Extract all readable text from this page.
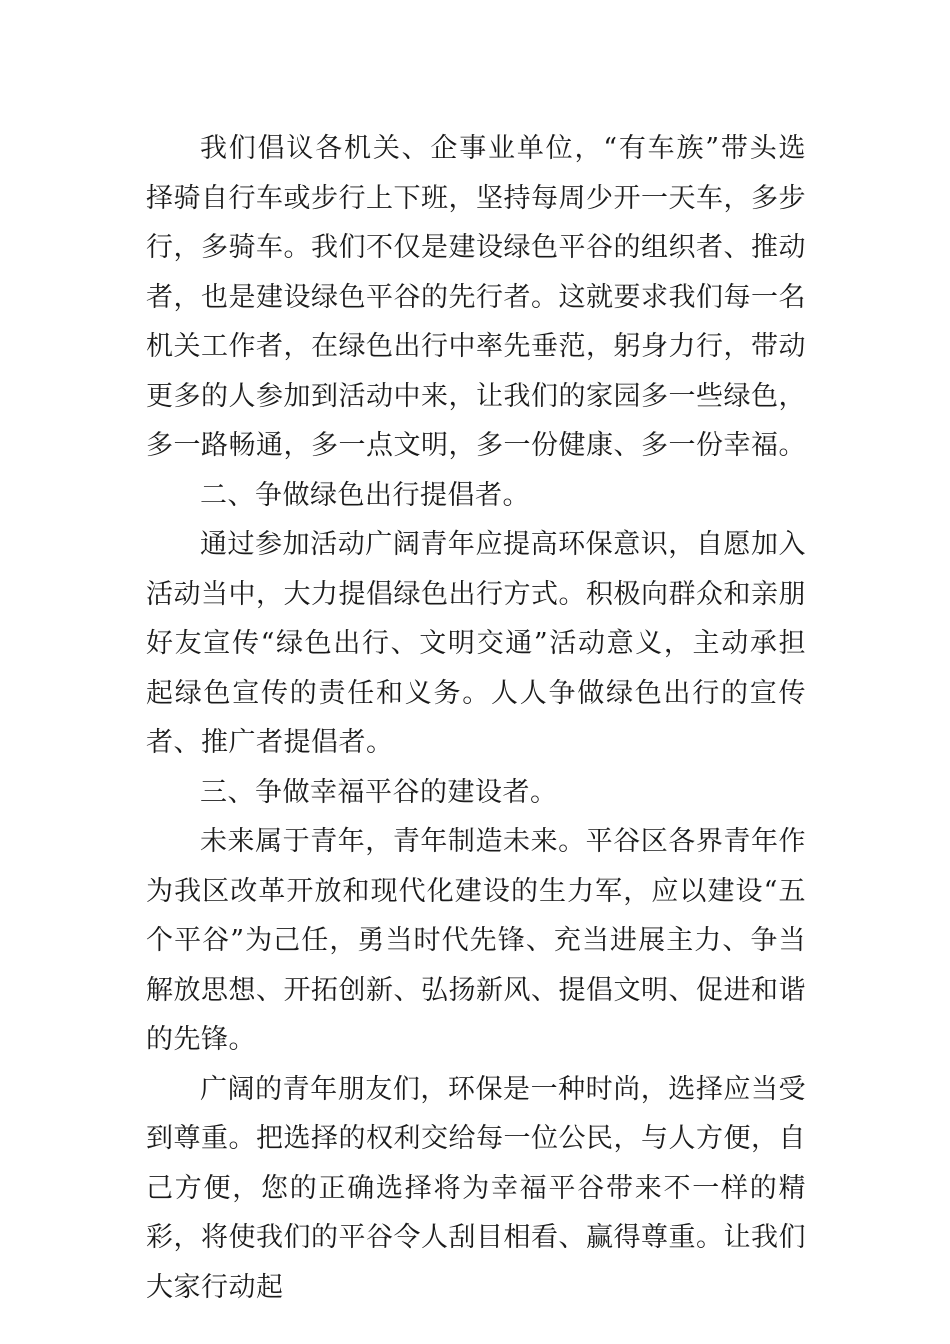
我们倡议各机关、企事业单位，“有车族”带头选择骑自行车或步行上下班，坚持每周少开一天车，多步行，多骑车。我们不仅是建设绿色平谷的组织者、推动者，也是建设绿色平谷的先行者。这就要求我们每一名机关工作者，在绿色出行中率先垂范，躬身力行，带动更多的人参加到活动中来，让我们的家园多一些绿色，多一路畅通，多一点文明，多一份健康、多一份幸福。

二、争做绿色出行提倡者。

通过参加活动广阔青年应提高环保意识，自愿加入活动当中，大力提倡绿色出行方式。积极向群众和亲朋好友宣传“绿色出行、文明交通”活动意义，主动承担起绿色宣传的责任和义务。人人争做绿色出行的宣传者、推广者提倡者。

三、争做幸福平谷的建设者。

未来属于青年，青年制造未来。平谷区各界青年作为我区改革开放和现代化建设的生力军，应以建设“五个平谷”为己任，勇当时代先锋、充当进展主力、争当解放思想、开拓创新、弘扬新风、提倡文明、促进和谐的先锋。

广阔的青年朋友们，环保是一种时尚，选择应当受到尊重。把选择的权利交给每一位公民，与人方便，自己方便，您的正确选择将为幸福平谷带来不一样的精彩，将使我们的平谷令人刮目相看、赢得尊重。让我们大家行动起
